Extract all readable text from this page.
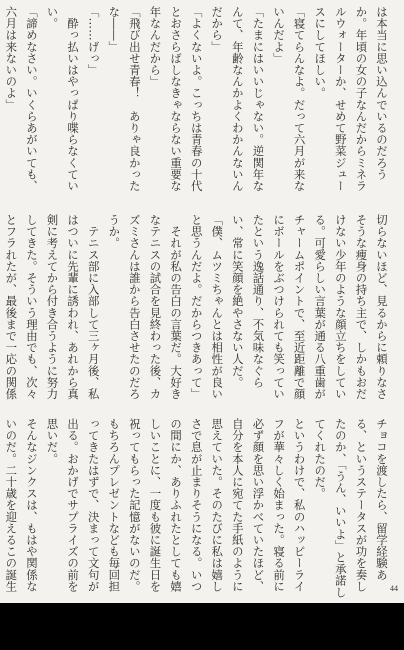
は本当に思い込んでいるのだろうか。年頃の女の子なんだからミネラルウォーターか、せめて野菜ジュースにしてほしい。
「寝てらんなよ。だって六月が来ないんだよ」
「たまにはいいじゃない。逆関年なんて、年齢なんかよくわかんないんだから」
「よくないよ。こっちは青春の十代とおさらばしなきゃならない重要な年なんだから」
「飛び出せ青春！　ありゃ良かったな――」
「……げっ」
　酔っ払いはやっぱり喋らなくていい。
「諦めなさい。いくらあがいても、六月は来ないのよ」

切らないほど、見るからに頼りなさそうな痩身の持ち主で、しかもおだけない少年のような顔立ちをしている。可愛らしい言葉が通る八重歯がチャームポイントで、至近距離で顔にボールをぶつけられても笑っていたという逸話通り、不気味なぐらい、常に笑顔を絶やさない人だ。
「僕、ムツミちゃんとは相性が良いと思うんだよ。だからつきあって」
　それが私の告白の言葉だ。大好きなテニスの試合を見終わった後、カズミさんは誰から告白させたのだろうか。
　テニス部に入部して三ヶ月後、私はついに先輩に誘われ、あれから真剣に考えてから付き合うように努力してきた。そういう理由でも、次々とフラれたが、最後まで一応の関係

チョコを渡したら、留学経験ある、というステータスが功を奏したのか、「うん、いいよ」と承諾してくれたのだ。
というわけで、私のハッピーライフが華々しく始まった。寝る前に必ず顔を思い浮かべていたほど、自分を本人に宛てた手紙のように思えていた。そのたびに私は嬉しさで息が止まりそうになる。いつの間にか、ありふれたとしても嬉しいことに、一度も彼に誕生日を祝ってもらった記憶がないのだ。もちろんプレゼントなども毎回担ってきたはずで、決まって文句が出る。おかげでサプライズの前を思いだ。
そんなジンクスは、もはや関係ないのだ。二十歳を迎えるこの誕生

　	44
